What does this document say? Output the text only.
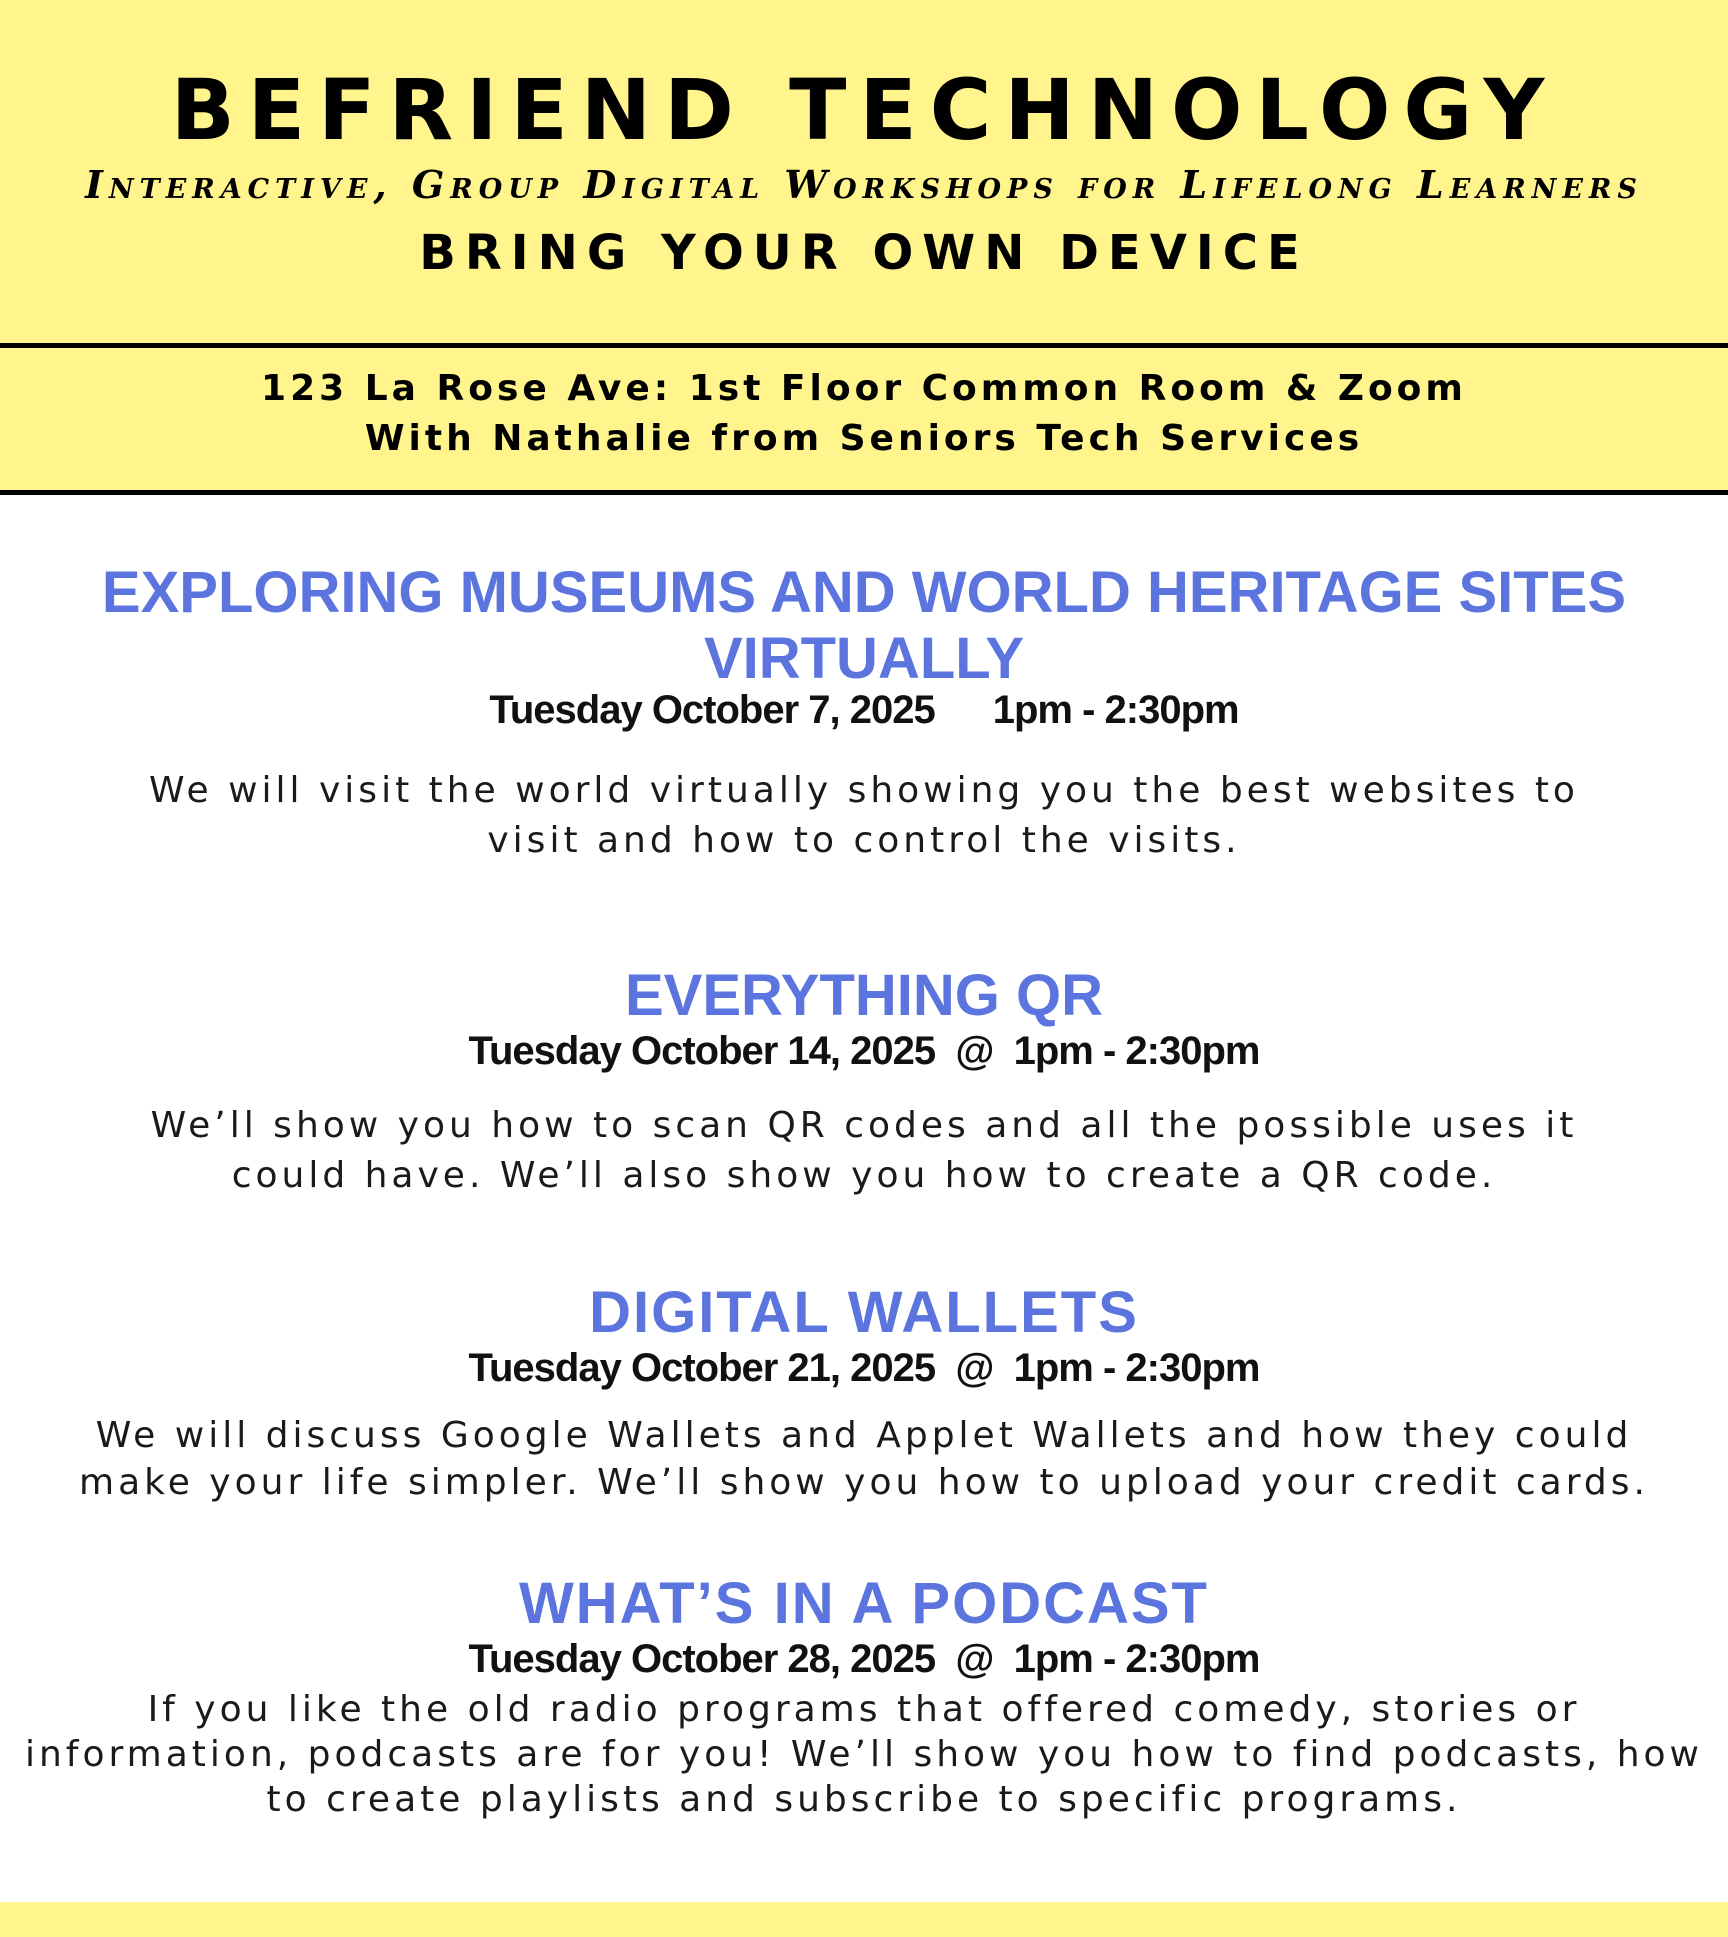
BEFRIEND TECHNOLOGY
Interactive, Group Digital Workshops for Lifelong Learners
BRING YOUR OWN DEVICE
123 La Rose Ave: 1st Floor Common Room & Zoom
With Nathalie from Seniors Tech Services

EXPLORING MUSEUMS AND WORLD HERITAGE SITES
VIRTUALLY

Tuesday October 7, 2025 1pm - 2:30pm

We will visit the world virtually showing you the best websites to
visit and how to control the visits.

EVERYTHING QR

Tuesday October 14, 2025  @  1pm - 2:30pm

We’ll show you how to scan QR codes and all the possible uses it
could have. We’ll also show you how to create a QR code.

DIGITAL WALLETS

Tuesday October 21, 2025  @  1pm - 2:30pm

We will discuss Google Wallets and Applet Wallets and how they could
make your life simpler. We’ll show you how to upload your credit cards.

WHAT’S IN A PODCAST

Tuesday October 28, 2025  @  1pm - 2:30pm

If you like the old radio programs that offered comedy, stories or
information, podcasts are for you! We’ll show you how to find podcasts, how
to create playlists and subscribe to specific programs.
